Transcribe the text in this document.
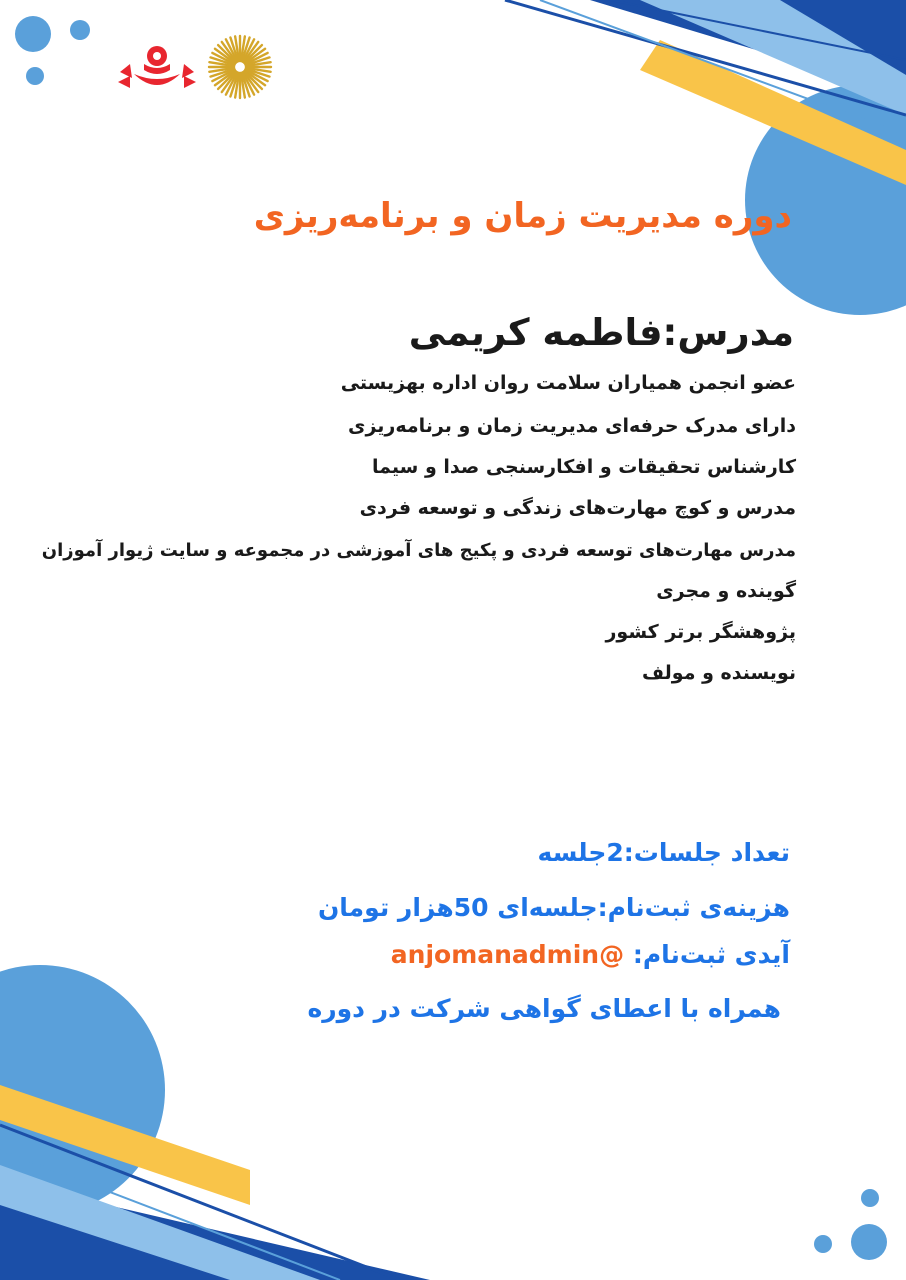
دوره مدیریت زمان و برنامه‌ریزی
مدرس:فاطمه کریمی
عضو انجمن همیاران سلامت روان اداره بهزیستی
دارای مدرک حرفه‌ای مدیریت زمان و برنامه‌ریزی
کارشناس تحقیقات و افکارسنجی صدا و سیما
مدرس و کوچ مهارت‌های زندگی و توسعه فردی
مدرس مهارت‌های توسعه فردی و پکیج های آموزشی در مجموعه و سایت ژیوار آموزان
گوینده و مجری
پژوهشگر برتر کشور
نویسنده و مولف
تعداد جلسات:2جلسه
هزینه‌ی ثبت‌نام:جلسه‌ای 50هزار تومان
آیدی ثبت‌نام: @anjomanadmin
همراه با اعطای گواهی شرکت در دوره
